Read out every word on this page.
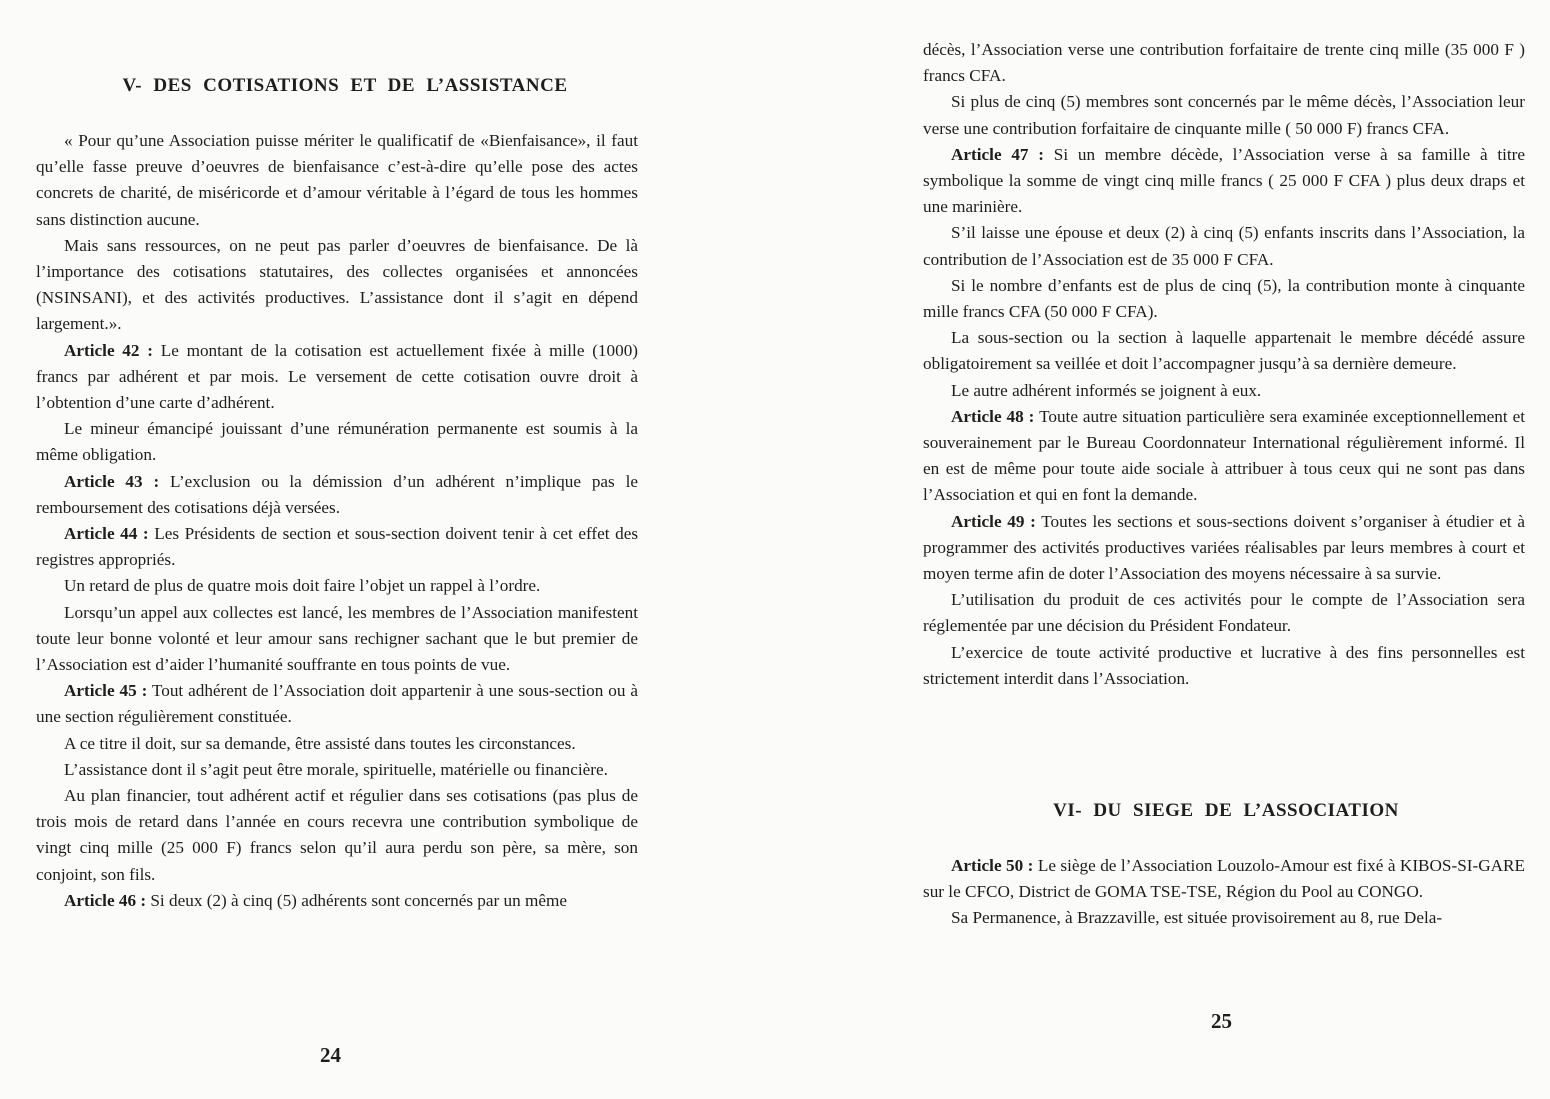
V- DES COTISATIONS ET DE L’ASSISTANCE

« Pour qu’une Association puisse mériter le qualificatif de «Bienfaisance», il faut qu’elle fasse preuve d’oeuvres de bienfaisance c’est-à-dire qu’elle pose des actes concrets de charité, de miséricorde et d’amour véritable à l’égard de tous les hommes sans distinction aucune.

Mais sans ressources, on ne peut pas parler d’oeuvres de bienfaisance. De là l’importance des cotisations statutaires, des collectes organisées et annoncées (NSINSANI), et des activités productives. L’assistance dont il s’agit en dépend largement.».

Article 42 : Le montant de la cotisation est actuellement fixée à mille (1000) francs par adhérent et par mois. Le versement de cette cotisation ouvre droit à l’obtention d’une carte d’adhérent.

Le mineur émancipé jouissant d’une rémunération permanente est soumis à la même obligation.

Article 43 : L’exclusion ou la démission d’un adhérent n’implique pas le remboursement des cotisations déjà versées.

Article 44 : Les Présidents de section et sous-section doivent tenir à cet effet des registres appropriés.

Un retard de plus de quatre mois doit faire l’objet un rappel à l’ordre.

Lorsqu’un appel aux collectes est lancé, les membres de l’Association manifestent toute leur bonne volonté et leur amour sans rechigner sachant que le but premier de l’Association est d’aider l’humanité souffrante en tous points de vue.

Article 45 : Tout adhérent de l’Association doit appartenir à une sous-section ou à une section régulièrement constituée.

A ce titre il doit, sur sa demande, être assisté dans toutes les circonstances.

L’assistance dont il s’agit peut être morale, spirituelle, matérielle ou financière.

Au plan financier, tout adhérent actif et régulier dans ses cotisations (pas plus de trois mois de retard dans l’année en cours recevra une contribution symbolique de vingt cinq mille (25 000 F) francs selon qu’il aura perdu son père, sa mère, son conjoint, son fils.

Article 46 : Si deux (2) à cinq (5) adhérents sont concernés par un même

24

décès, l’Association verse une contribution forfaitaire de trente cinq mille (35 000 F ) francs CFA.

Si plus de cinq (5) membres sont concernés par le même décès, l’Association leur verse une contribution forfaitaire de cinquante mille ( 50 000 F) francs CFA.

Article 47 : Si un membre décède, l’Association verse à sa famille à titre symbolique la somme de vingt cinq mille francs ( 25 000 F CFA ) plus deux draps et une marinière.

S’il laisse une épouse et deux (2) à cinq (5) enfants inscrits dans l’Association, la contribution de l’Association est de 35 000 F CFA.

Si le nombre d’enfants est de plus de cinq (5), la contribution monte à cinquante mille francs CFA (50 000 F CFA).

La sous-section ou la section à laquelle appartenait le membre décédé assure obligatoirement sa veillée et doit l’accompagner jusqu’à sa dernière demeure.

Le autre adhérent informés se joignent à eux.

Article 48 : Toute autre situation particulière sera examinée exceptionnellement et souverainement par le Bureau Coordonnateur International régulièrement informé. Il en est de même pour toute aide sociale à attribuer à tous ceux qui ne sont pas dans l’Association et qui en font la demande.

Article 49 : Toutes les sections et sous-sections doivent s’organiser à étudier et à programmer des activités productives variées réalisables par leurs membres à court et moyen terme afin de doter l’Association des moyens nécessaire à sa survie.

L’utilisation du produit de ces activités pour le compte de l’Association sera réglementée par une décision du Président Fondateur.

L’exercice de toute activité productive et lucrative à des fins personnelles est strictement interdit dans l’Association.

VI- DU SIEGE DE L’ASSOCIATION

Article 50 : Le siège de l’Association Louzolo-Amour est fixé à KIBOS-SI-GARE sur le CFCO, District de GOMA TSE-TSE, Région du Pool au CONGO.

Sa Permanence, à Brazzaville, est située provisoirement au 8, rue Dela-

25
